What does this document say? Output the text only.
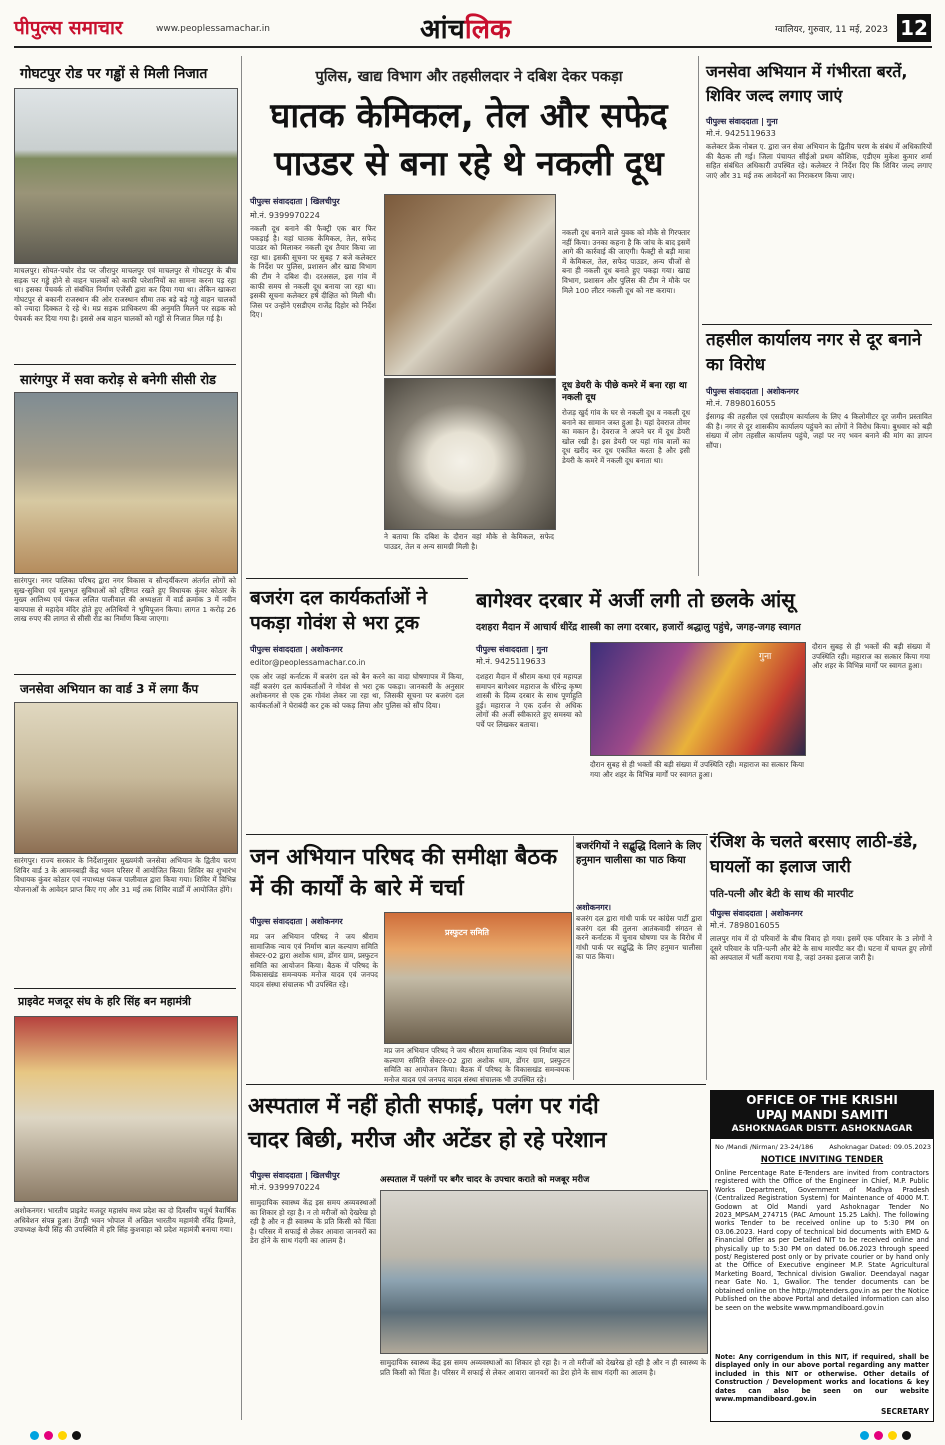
पीपुल्स समाचार	www.peoplessamachar.in	आंचलिक	ग्वालियर, गुरुवार, 11 मई, 2023 12
गोघटपुर रोड पर गड्ढों से मिली निजात
माचलपुर। सोयत-पचोर रोड पर जीरापुर माचलपुर एवं माचलपुर से गोघटपुर के बीच सड़क पर गड्ढे होने से वाहन चालकों को काफी परेशानियों का सामना करना पड़ रहा था। इसका पेचवर्क तो संबंधित निर्माण एजेंसी द्वारा कर दिया गया था। लेकिन खाकरा गोघटपुर से बकानी राजस्थान की ओर राजस्थान सीमा तक बड़े बड़े गड्ढे वाहन चालकों को ज्यादा दिक्कत दे रहे थे। मप्र सड़क प्राधिकरण की अनुमति मिलने पर सड़क को पेचवर्क कर दिया गया है। इससे अब वाहन चालकों को गड्ढों से निजात मिल गई है।
सारंगपुर में सवा करोड़ से बनेगी सीसी रोड
सारंगपुर। नगर पालिका परिषद द्वारा नगर विकास व सौन्दर्यीकरण अंतर्गत लोगों को सुख-सुविधा एवं मूलभूत सुविधाओं को दृष्टिगत रखते हुए विधायक कुंवर कोठार के मुख्य आतिथ्य एवं पंकज ललित पालीवाल की अध्यक्षता में वार्ड क्रमांक 3 में नवीन बायपास से महादेव मंदिर होते हुए अतिथियों ने भूमिपूजन किया। लागत 1 करोड़ 26 लाख रुपए की लागत से सीसी रोड का निर्माण किया जाएगा।
जनसेवा अभियान का वार्ड 3 में लगा कैंप
सारंगपुर। राज्य सरकार के निर्देशानुसार मुख्यमंत्री जनसेवा अभियान के द्वितीय चरण शिविर वार्ड 3 के आमनबाड़ी केंद्र भवन परिसर में आयोजित किया। शिविर का शुभारंभ विधायक कुंवर कोठार एवं नपाध्यक्ष पंकज पालीवाल द्वारा किया गया। शिविर में विभिन्न योजनाओं के आवेदन प्राप्त किए गए और 31 मई तक शिविर वार्डों में आयोजित होंगे।
प्राइवेट मजदूर संघ के हरि सिंह बन महामंत्री
अशोकनगर। भारतीय प्राइवेट मजदूर महासंघ मध्य प्रदेश का दो दिवसीय चतुर्थ त्रैवार्षिक अधिवेशन संपन्न हुआ। ठेंगड़ी भवन भोपाल में अखिल भारतीय महामंत्री रविंद्र हिम्मते, उपाध्यक्ष केपी सिंह की उपस्थिति में हरि सिंह कुशवाहा को प्रदेश महामंत्री बनाया गया।
पुलिस, खाद्य विभाग और तहसीलदार ने दबिश देकर पकड़ा
घातक केमिकल, तेल और सफेद
पाउडर से बना रहे थे नकली दूध
पीपुल्स संवाददाता | खिलचीपुर
मो.नं. 9399970224
नकली दूध बनाने की फैक्ट्री एक बार फिर पकड़ाई है। यहां घातक केमिकल, तेल, सफेद पाउडर को मिलाकर नकली दूध तैयार किया जा रहा था। इसकी सूचना पर सुबह 7 बजे कलेक्टर के निर्देश पर पुलिस, प्रशासन और खाद्य विभाग की टीम ने दबिश दी। दरअसल, इस गांव में काफी समय से नकली दूध बनाया जा रहा था। इसकी सूचना कलेक्टर हर्ष दीक्षित को मिली थी। जिस पर उन्होंने एसडीएम राजेंद्र दिहोर को निर्देश दिए।
ने बताया कि दबिश के दौरान वहां मौके से केमिकल, सफेद पाउडर, तेल व अन्य सामग्री मिली है।
नकली दूध बनाने वाले युवक को मौके से गिरफ्तार नहीं किया। उनका कहना है कि जांच के बाद इसमें आगे की कार्रवाई की जाएगी। फैक्ट्री से बड़ी मात्रा में केमिकल, तेल, सफेद पाउडर, अन्य चीजों से बना ही नकली दूध बनाते हुए पकड़ा गया। खाद्य विभाग, प्रशासन और पुलिस की टीम ने मौके पर मिले 100 लीटर नकली दूध को नष्ट कराया।
दूध डेयरी के पीछे कमरे में बना रहा था नकली दूध
रोजड़ खुर्द गांव के घर से नकली दूध व नकली दूध बनाने का सामान जब्त हुआ है। यहां देवराज तोमर का मकान है। देवराज ने अपने घर में दूध डेयरी खोल रखी है। इस डेयरी पर यहां गांव वालों का दूध खरीद कर दूध एकत्रित करता है और इसी डेयरी के कमरे में नकली दूध बनाता था।
बजरंग दल कार्यकर्ताओं ने पकड़ा गोवंश से भरा ट्रक
पीपुल्स संवाददाता | अशोकनगर
editor@peoplessamachar.co.in
एक ओर जहां कर्नाटक में बजरंग दल को बैन करने का वादा घोषणापत्र में किया, वहीं बजरंग दल कार्यकर्ताओं ने गोवंश से भरा ट्रक पकड़ा। जानकारी के अनुसार अशोकनगर से एक ट्रक गोवंश लेकर जा रहा था, जिसकी सूचना पर बजरंग दल कार्यकर्ताओं ने घेराबंदी कर ट्रक को पकड़ लिया और पुलिस को सौंप दिया।
बागेश्वर दरबार में अर्जी लगी तो छलके आंसू
दशहरा मैदान में आचार्य धीरेंद्र शास्त्री का लगा दरबार, हजारों श्रद्धालु पहुंचे, जगह-जगह स्वागत
पीपुल्स संवाददाता | गुना
मो.नं. 9425119633
दशहरा मैदान में श्रीराम कथा एवं महायज्ञ समापन बागेश्वर महाराज के धीरेन्द्र कृष्ण शास्त्री के दिव्य दरबार के साथ पूर्णाहुति हुई। महाराज ने एक दर्जन से अधिक लोगों की अर्जी स्वीकारते हुए समस्या को पर्चे पर लिखकर बताया।
गुना
दौरान सुबह से ही भक्तों की बड़ी संख्या में उपस्थिति रही। महाराज का सत्कार किया गया और शहर के विभिन्न मार्गों पर स्वागत हुआ।
दौरान सुबह से ही भक्तों की बड़ी संख्या में उपस्थिति रही। महाराज का सत्कार किया गया और शहर के विभिन्न मार्गों पर स्वागत हुआ।
जन अभियान परिषद की समीक्षा बैठक में की कार्यों के बारे में चर्चा
पीपुल्स संवाददाता | अशोकनगर
मप्र जन अभियान परिषद ने जय श्रीराम सामाजिक न्याय एवं निर्माण बाल कल्याण समिति सेक्टर-02 द्वारा अशोक धाम, डोंगर ग्राम, प्रस्फुटन समिति का आयोजन किया। बैठक में परिषद के विकासखंड समन्वयक मनोज यादव एवं जनपद यादव संस्था संचालक भी उपस्थित रहे।
प्रस्फुटन समिति
मप्र जन अभियान परिषद ने जय श्रीराम सामाजिक न्याय एवं निर्माण बाल कल्याण समिति सेक्टर-02 द्वारा अशोक धाम, डोंगर ग्राम, प्रस्फुटन समिति का आयोजन किया। बैठक में परिषद के विकासखंड समन्वयक मनोज यादव एवं जनपद यादव संस्था संचालक भी उपस्थित रहे।
बजरंगियों ने सद्बुद्धि दिलाने के लिए हनुमान चालीसा का पाठ किया
अशोकनगर।
बजरंग दल द्वारा गांधी पार्क पर कांग्रेस पार्टी द्वारा बजरंग दल की तुलना आतंकवादी संगठन से करने कर्नाटक में चुनाव घोषणा पत्र के विरोध में गांधी पार्क पर सद्बुद्धि के लिए हनुमान चालीसा का पाठ किया।
अस्पताल में नहीं होती सफाई, पलंग पर गंदी
चादर बिछी, मरीज और अटेंडर हो रहे परेशान
पीपुल्स संवाददाता | खिलचीपुर
मो.नं. 9399970224
सामुदायिक स्वास्थ्य केंद्र इस समय अव्यवस्थाओं का शिकार हो रहा है। न तो मरीजों को देखरेख हो रही है और न ही स्वास्थ्य के प्रति किसी को चिंता है। परिसर में सफाई से लेकर आवारा जानवरों का डेरा होने के साथ गंदगी का आलम है।
अस्पताल में पलंगों पर बगैर चादर के उपचार कराते को मजबूर मरीज
सामुदायिक स्वास्थ्य केंद्र इस समय अव्यवस्थाओं का शिकार हो रहा है। न तो मरीजों को देखरेख हो रही है और न ही स्वास्थ्य के प्रति किसी को चिंता है। परिसर में सफाई से लेकर आवारा जानवरों का डेरा होने के साथ गंदगी का आलम है।
जनसेवा अभियान में गंभीरता बरतें, शिविर जल्द लगाए जाएं
पीपुल्स संवाददाता | गुना
मो.नं. 9425119633
कलेक्टर फ्रेंक नोबल ए. द्वारा जन सेवा अभियान के द्वितीय चरण के संबंध में अधिकारियों की बैठक ली गई। जिला पंचायत सीईओ प्रथम कौशिक, एडीएम मुकेश कुमार शर्मा सहित संबंधित अधिकारी उपस्थित रहे। कलेक्टर ने निर्देश दिए कि शिविर जल्द लगाए जाएं और 31 मई तक आवेदनों का निराकरण किया जाए।
तहसील कार्यालय नगर से दूर बनाने का विरोध
पीपुल्स संवाददाता | अशोकनगर
मो.नं. 7898016055
ईसागढ़ की तहसील एवं एसडीएम कार्यालय के लिए 4 किलोमीटर दूर जमीन प्रस्तावित की है। नगर से दूर शासकीय कार्यालय पहुंचने का लोगों ने विरोध किया। बुधवार को बड़ी संख्या में लोग तहसील कार्यालय पहुंचे, जहां पर नए भवन बनाने की मांग का ज्ञापन सौंपा।
रंजिश के चलते बरसाए लाठी-डंडे, घायलों का इलाज जारी
पति-पत्नी और बेटी के साथ की मारपीट
पीपुल्स संवाददाता | अशोकनगर
मो.नं. 7898016055
लालपुर गांव में दो परिवारों के बीच विवाद हो गया। इसमें एक परिवार के 3 लोगों ने दूसरे परिवार के पति-पत्नी और बेटे के साथ मारपीट कर दी। घटना में घायल हुए लोगों को अस्पताल में भर्ती कराया गया है, जहां उनका इलाज जारी है।
OFFICE OF THE KRISHI
UPAJ MANDI SAMITI
ASHOKNAGAR DISTT. ASHOKNAGAR
No /Mandi /Nirman/ 23-24/186	Ashoknagar Dated: 09.05.2023
NOTICE INVITING TENDER
Online Percentage Rate E-Tenders are invited from contractors registered with the Office of the Engineer in Chief, M.P. Public Works Department, Government of Madhya Pradesh (Centralized Registration System) for Maintenance of 4000 M.T. Godown at Old Mandi yard Ashoknagar Tender No 2023_MPSAM_274715 (PAC Amount 15.25 Lakh). The following works Tender to be received online up to 5:30 PM on 03.06.2023. Hard copy of technical bid documents with EMD & Financial Offer as per Detailed NIT to be received online and physically up to 5:30 PM on dated 06.06.2023 through speed post/ Registered post only or by private courier or by hand only at the Office of Executive engineer M.P. State Agricultural Marketing Board, Technical division Gwalior. Deendayal nagar near Gate No. 1, Gwalior. The tender documents can be obtained online on the http://mptenders.gov.in as per the Notice Published on the above Portal and detailed information can also be seen on the website www.mpmandiboard.gov.in
Note: Any corrigendum in this NIT, if required, shall be displayed only in our above portal regarding any matter included in this NIT or otherwise. Other details of Construction / Development works and locations & key dates can also be seen on our website www.mpmandiboard.gov.in
SECRETARY
